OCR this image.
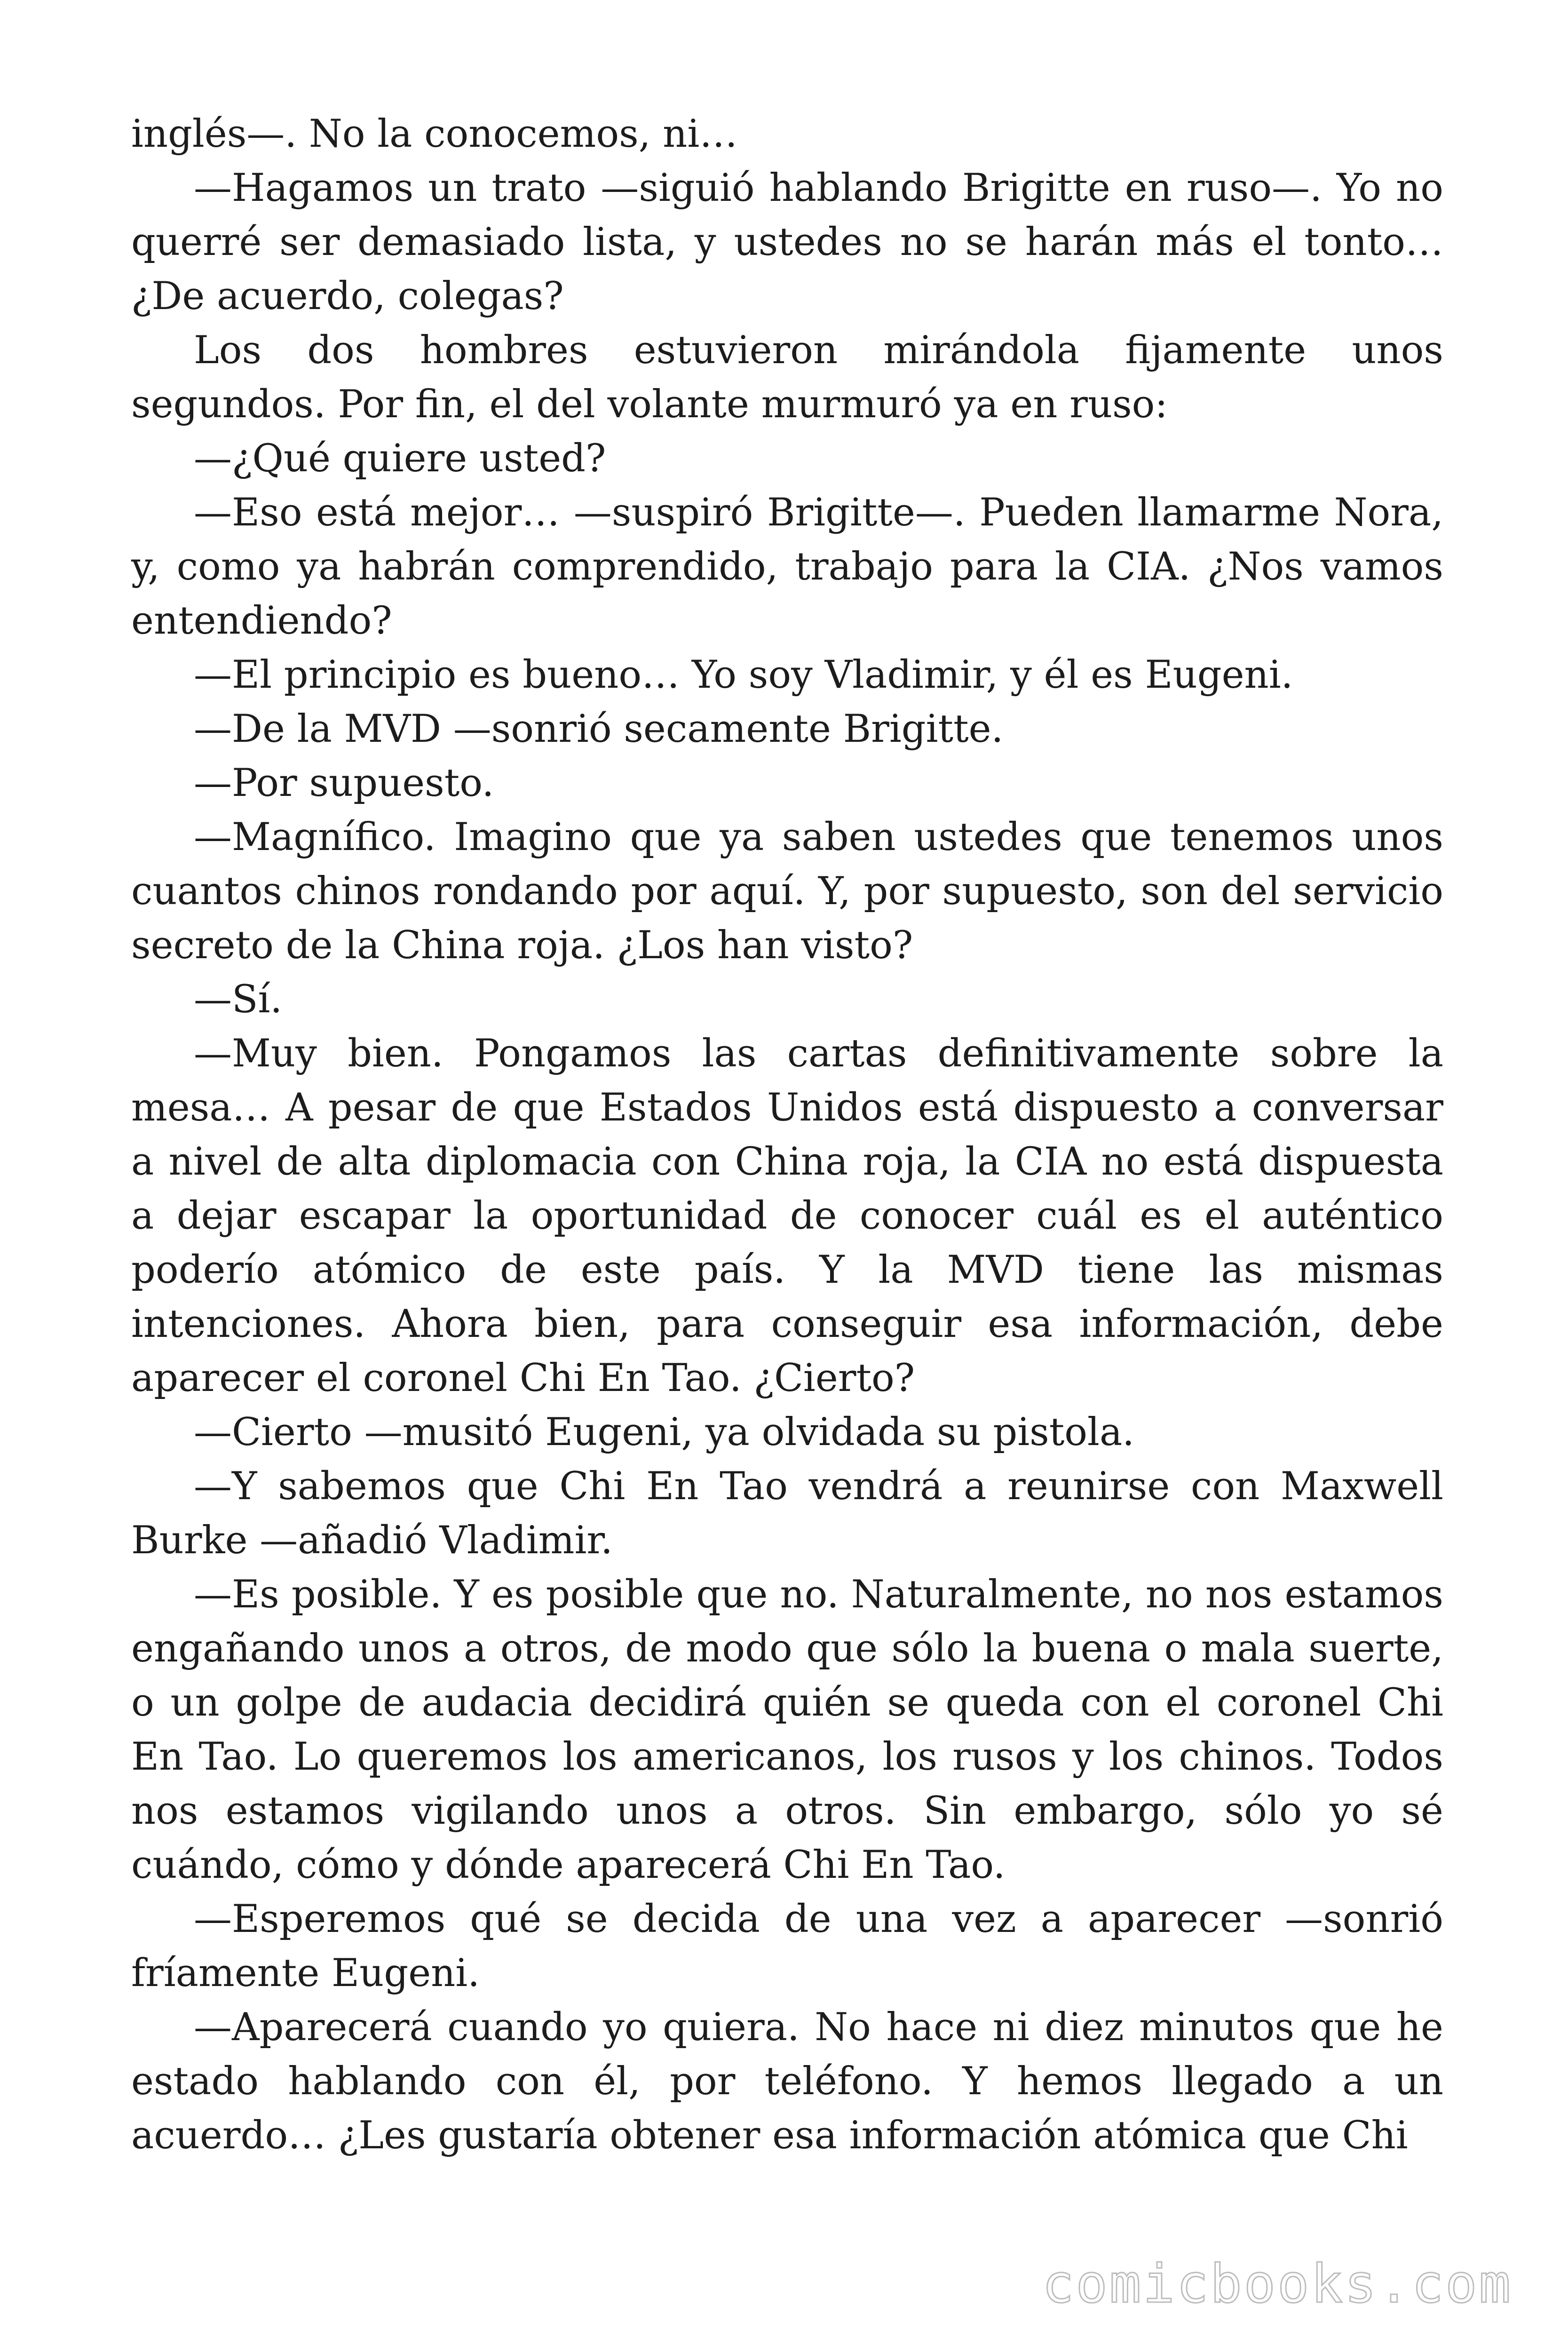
inglés—. No la conocemos, ni…

—Hagamos un trato —siguió hablando Brigitte en ruso—. Yo no querré ser demasiado lista, y ustedes no se harán más el tonto… ¿De acuerdo, colegas?

Los dos hombres estuvieron mirándola fijamente unos segundos. Por fin, el del volante murmuró ya en ruso:

—¿Qué quiere usted?

—Eso está mejor… —suspiró Brigitte—. Pueden llamarme Nora, y, como ya habrán comprendido, trabajo para la CIA. ¿Nos vamos entendiendo?

—El principio es bueno… Yo soy Vladimir, y él es Eugeni.

—De la MVD —sonrió secamente Brigitte.

—Por supuesto.

—Magnífico. Imagino que ya saben ustedes que tenemos unos cuantos chinos rondando por aquí. Y, por supuesto, son del servicio secreto de la China roja. ¿Los han visto?

—Sí.

—Muy bien. Pongamos las cartas definitivamente sobre la mesa… A pesar de que Estados Unidos está dispuesto a conversar a nivel de alta diplomacia con China roja, la CIA no está dispuesta a dejar escapar la oportunidad de conocer cuál es el auténtico poderío atómico de este país. Y la MVD tiene las mismas intenciones. Ahora bien, para conseguir esa información, debe aparecer el coronel Chi En Tao. ¿Cierto?

—Cierto —musitó Eugeni, ya olvidada su pistola.

—Y sabemos que Chi En Tao vendrá a reunirse con Maxwell Burke —añadió Vladimir.

—Es posible. Y es posible que no. Naturalmente, no nos estamos engañando unos a otros, de modo que sólo la buena o mala suerte, o un golpe de audacia decidirá quién se queda con el coronel Chi En Tao. Lo queremos los americanos, los rusos y los chinos. Todos nos estamos vigilando unos a otros. Sin embargo, sólo yo sé cuándo, cómo y dónde aparecerá Chi En Tao.

—Esperemos qué se decida de una vez a aparecer —sonrió fríamente Eugeni.

—Aparecerá cuando yo quiera. No hace ni diez minutos que he estado hablando con él, por teléfono. Y hemos llegado a un acuerdo… ¿Les gustaría obtener esa información atómica que Chi

comicbooks.com
